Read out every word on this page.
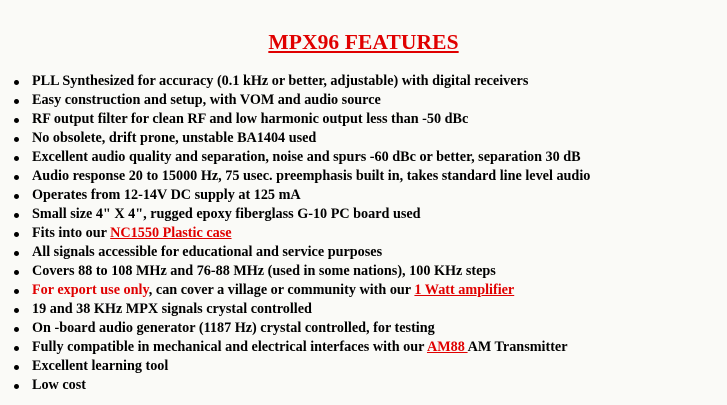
MPX96 FEATURES
PLL Synthesized for accuracy (0.1 kHz or better, adjustable) with digital receivers
Easy construction and setup, with VOM and audio source
RF output filter for clean RF and low harmonic output less than -50 dBc
No obsolete, drift prone, unstable BA1404 used
Excellent audio quality and separation, noise and spurs -60 dBc or better, separation 30 dB
Audio response 20 to 15000 Hz, 75 usec. preemphasis built in, takes standard line level audio
Operates from 12-14V DC supply at 125 mA
Small size 4" X 4", rugged epoxy fiberglass G-10 PC board used
Fits into our NC1550 Plastic case
All signals accessible for educational and service purposes
Covers 88 to 108 MHz and 76-88 MHz (used in some nations), 100 KHz steps
For export use only, can cover a village or community with our 1 Watt amplifier
19 and 38 KHz MPX signals crystal controlled
On -board audio generator (1187 Hz) crystal controlled, for testing
Fully compatible in mechanical and electrical interfaces with our AM88 AM Transmitter
Excellent learning tool
Low cost
